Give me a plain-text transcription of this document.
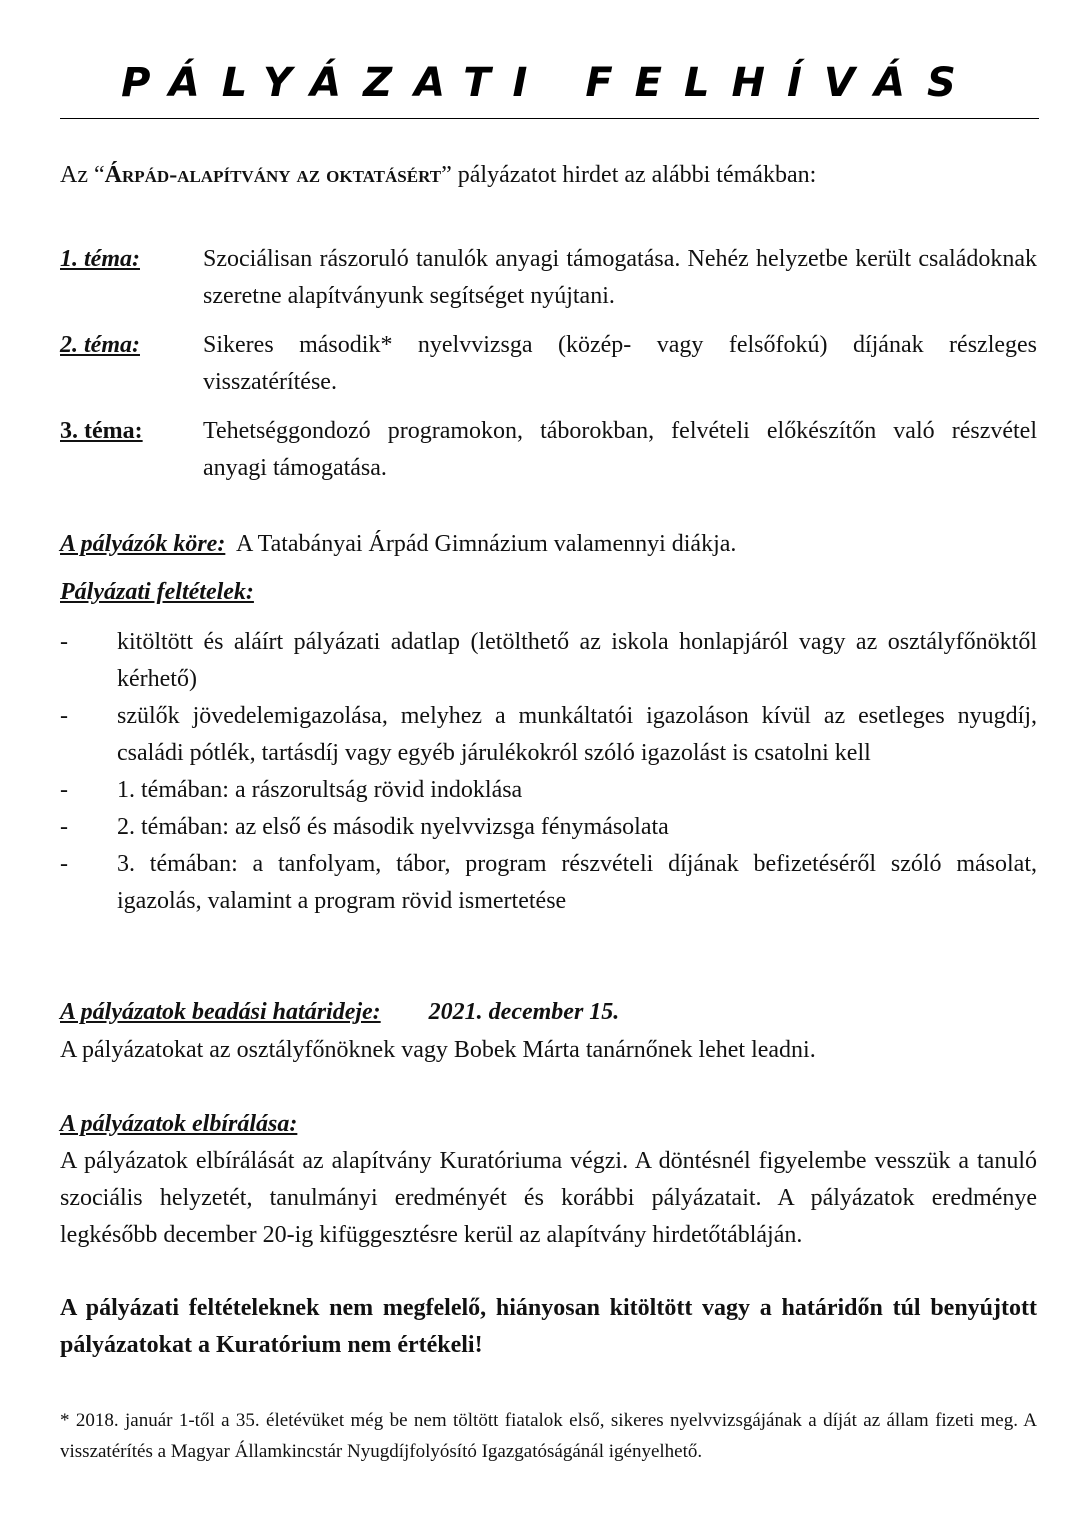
PÁLYÁZATI FELHÍVÁS
Az “Árpád-alapítvány az oktatásért” pályázatot hirdet az alábbi témákban:
1. téma:	Szociálisan rászoruló tanulók anyagi támogatása. Nehéz helyzetbe került családoknak szeretne alapítványunk segítséget nyújtani.
2. téma:	Sikeres második* nyelvvizsga (közép- vagy felsőfokú) díjának részleges visszatérítése.
3. téma:	Tehetséggondozó programokon, táborokban, felvételi előkészítőn való részvétel anyagi támogatása.
A pályázók köre: A Tatabányai Árpád Gimnázium valamennyi diákja.
Pályázati feltételek:
- kitöltött és aláírt pályázati adatlap (letölthető az iskola honlapjáról vagy az osztályfőnöktől kérhető)
- szülők jövedelemigazolása, melyhez a munkáltatói igazoláson kívül az esetleges nyugdíj, családi pótlék, tartásdíj vagy egyéb járulékokról szóló igazolást is csatolni kell
- 1. témában: a rászorultság rövid indoklása
- 2. témában: az első és második nyelvvizsga fénymásolata
- 3. témában: a tanfolyam, tábor, program részvételi díjának befizetéséről szóló másolat, igazolás, valamint a program rövid ismertetése
A pályázatok beadási határideje: 2021. december 15.
A pályázatokat az osztályfőnöknek vagy Bobek Márta tanárnőnek lehet leadni.
A pályázatok elbírálása:
A pályázatok elbírálását az alapítvány Kuratóriuma végzi. A döntésnél figyelembe vesszük a tanuló szociális helyzetét, tanulmányi eredményét és korábbi pályázatait. A pályázatok eredménye legkésőbb december 20-ig kifüggesztésre kerül az alapítvány hirdetőtábláján.
A pályázati feltételeknek nem megfelelő, hiányosan kitöltött vagy a határidőn túl benyújtott pályázatokat a Kuratórium nem értékeli!
* 2018. január 1-től a 35. életévüket még be nem töltött fiatalok első, sikeres nyelvvizsgájának a díját az állam fizeti meg. A visszatérítés a Magyar Államkincstár Nyugdíjfolyósító Igazgatóságánál igényelhető.
